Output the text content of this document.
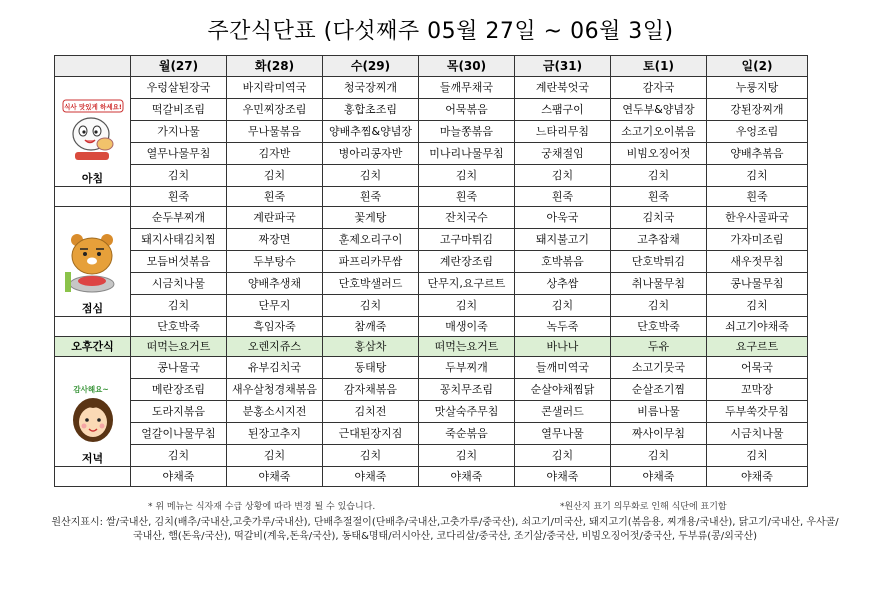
주간식단표 (다섯째주 05월 27일 ~ 06월 3일)
	월(27)	화(28)	수(29)	목(30)	금(31)	토(1)	일(2)

식사 맛있게 하세요!
아침	우렁살된장국	바지락미역국	청국장찌개	들깨무채국	계란북엇국	감자국	누룽지탕
	떡갈비조림	우민찌장조림	홍합초조림	어묵볶음	스팸구이	연두부&양념장	강된장찌개
	가지나물	무나물볶음	양배추찜&양념장	마늘쫑볶음	느타리무침	소고기오이볶음	우엉조림
	열무나물무침	김자반	병아리콩자반	미나리나물무침	궁채절임	비빔오징어젓	양배추볶음
	김치	김치	김치	김치	김치	김치	김치
	흰죽	흰죽	흰죽	흰죽	흰죽	흰죽	흰죽

점심	순두부찌개	계란파국	꽃게탕	잔치국수	아욱국	김치국	한우사골파국
	돼지사태김치찜	짜장면	훈제오리구이	고구마튀김	돼지불고기	고추잡채	가자미조림
	모듬버섯볶음	두부탕수	파프리카무쌈	계란장조림	호박볶음	단호박튀김	새우젓무침
	시금치나물	양배추생채	단호박샐러드	단무지,요구르트	상추쌈	취나물무침	콩나물무침
	김치	단무지	김치	김치	김치	김치	김치
	단호박죽	흑임자죽	참깨죽	매생이죽	녹두죽	단호박죽	쇠고기야채죽
오후간식	떠먹는요거트	오렌지쥬스	홍삼차	떠먹는요거트	바나나	두유	요구르트

감사해요~
저녁	콩나물국	유부김치국	동태탕	두부찌개	들깨미역국	소고기뭇국	어묵국
	메란장조림	새우살청경채볶음	감자채볶음	꽁치무조림	순살야채찜닭	순살조기찜	꼬막장
	도라지볶음	분홍소시지전	김치전	맛살숙주무침	콘샐러드	비름나물	두부쑥갓무침
	얼갈이나물무침	된장고추지	근대된장지짐	죽순볶음	열무나물	짜사이무침	시금치나물
	김치	김치	김치	김치	김치	김치	김치
	야채죽	야채죽	야채죽	야채죽	야채죽	야채죽	야채죽
* 위 메뉴는 식자재 수급 상황에 따라 변경 될 수 있습니다.	*원산지 표기 의무화로 인해 식단에 표기함
원산지표시: 쌀/국내산, 김치(배추/국내산,고춧가루/국내산), 단배추절절이(단배추/국내산,고춧가루/중국산), 쇠고기/미국산, 돼지고기(볶음용, 찌개용/국내산), 닭고기/국내산, 우사골/국내산, 햄(돈육/국산), 떡갈비(계육,돈육/국산), 동태&명태/러시아산, 코다리살/중국산, 조기살/중국산, 비빔오징어젓/중국산, 두부류(콩/외국산)
